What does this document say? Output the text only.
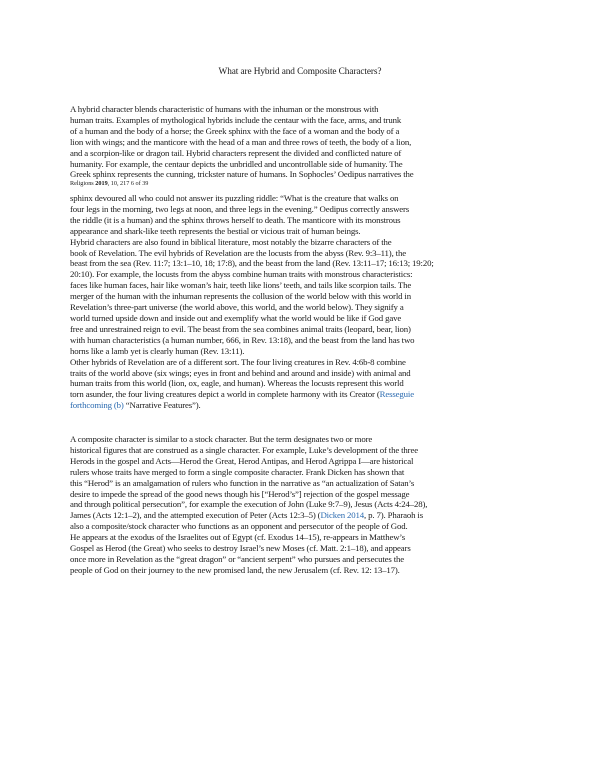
What are Hybrid and Composite Characters?
A hybrid character blends characteristic of humans with the inhuman or the monstrous with
human traits. Examples of mythological hybrids include the centaur with the face, arms, and trunk
of a human and the body of a horse; the Greek sphinx with the face of a woman and the body of a
lion with wings; and the manticore with the head of a man and three rows of teeth, the body of a lion,
and a scorpion-like or dragon tail. Hybrid characters represent the divided and conflicted nature of
humanity. For example, the centaur depicts the unbridled and uncontrollable side of humanity. The
Greek sphinx represents the cunning, trickster nature of humans. In Sophocles’ Oedipus narratives the
Religions 2019, 10, 217 6 of 39
sphinx devoured all who could not answer its puzzling riddle: “What is the creature that walks on
four legs in the morning, two legs at noon, and three legs in the evening.” Oedipus correctly answers
the riddle (it is a human) and the sphinx throws herself to death. The manticore with its monstrous
appearance and shark-like teeth represents the bestial or vicious trait of human beings.
Hybrid characters are also found in biblical literature, most notably the bizarre characters of the
book of Revelation. The evil hybrids of Revelation are the locusts from the abyss (Rev. 9:3–11), the
beast from the sea (Rev. 11:7; 13:1–10, 18; 17:8), and the beast from the land (Rev. 13:11–17; 16:13; 19:20;
20:10). For example, the locusts from the abyss combine human traits with monstrous characteristics:
faces like human faces, hair like woman’s hair, teeth like lions’ teeth, and tails like scorpion tails. The
merger of the human with the inhuman represents the collusion of the world below with this world in
Revelation’s three-part universe (the world above, this world, and the world below). They signify a
world turned upside down and inside out and exemplify what the world would be like if God gave
free and unrestrained reign to evil. The beast from the sea combines animal traits (leopard, bear, lion)
with human characteristics (a human number, 666, in Rev. 13:18), and the beast from the land has two
horns like a lamb yet is clearly human (Rev. 13:11).
Other hybrids of Revelation are of a different sort. The four living creatures in Rev. 4:6b-8 combine
traits of the world above (six wings; eyes in front and behind and around and inside) with animal and
human traits from this world (lion, ox, eagle, and human). Whereas the locusts represent this world
torn asunder, the four living creatures depict a world in complete harmony with its Creator (Resseguie
forthcoming (b) “Narrative Features”).
A composite character is similar to a stock character. But the term designates two or more
historical figures that are construed as a single character. For example, Luke’s development of the three
Herods in the gospel and Acts—Herod the Great, Herod Antipas, and Herod Agrippa I—are historical
rulers whose traits have merged to form a single composite character. Frank Dicken has shown that
this “Herod” is an amalgamation of rulers who function in the narrative as “an actualization of Satan’s
desire to impede the spread of the good news though his [“Herod’s”] rejection of the gospel message
and through political persecution”, for example the execution of John (Luke 9:7–9), Jesus (Acts 4:24–28),
James (Acts 12:1–2), and the attempted execution of Peter (Acts 12:3–5) (Dicken 2014, p. 7). Pharaoh is
also a composite/stock character who functions as an opponent and persecutor of the people of God.
He appears at the exodus of the Israelites out of Egypt (cf. Exodus 14–15), re-appears in Matthew’s
Gospel as Herod (the Great) who seeks to destroy Israel’s new Moses (cf. Matt. 2:1–18), and appears
once more in Revelation as the “great dragon” or “ancient serpent” who pursues and persecutes the
people of God on their journey to the new promised land, the new Jerusalem (cf. Rev. 12: 13–17).
